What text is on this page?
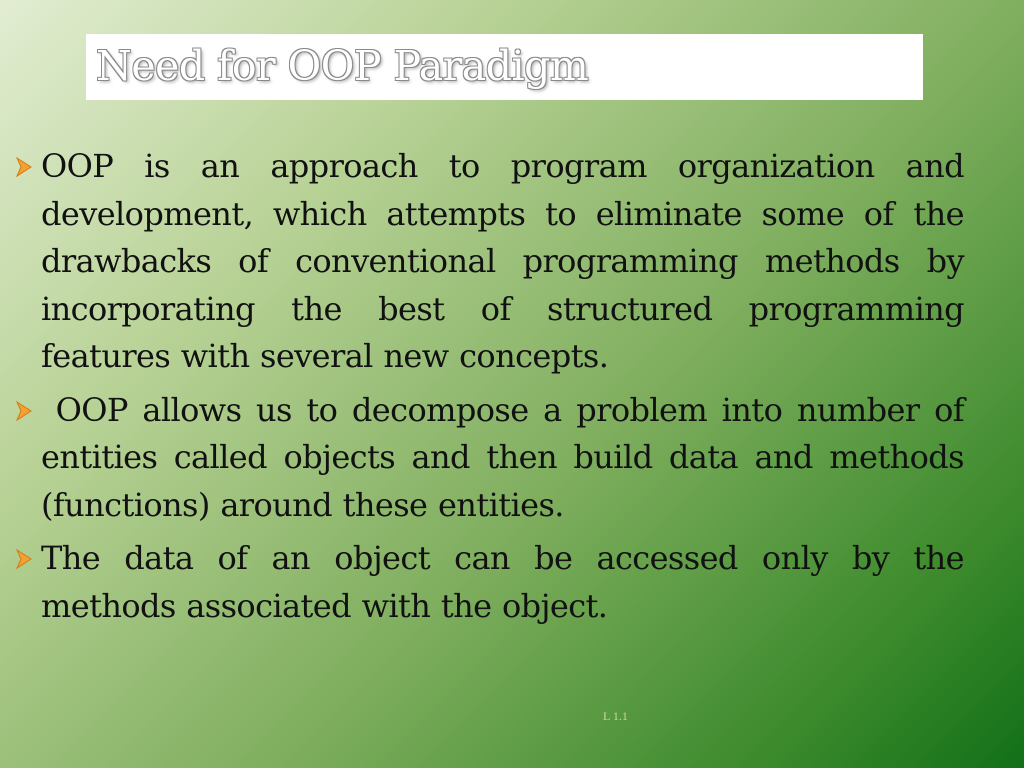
Need for OOP Paradigm
OOP is an approach to program organization and development, which attempts to eliminate some of the drawbacks of conventional programming methods by incorporating the best of structured programming features with several new concepts.
OOP allows us to decompose a problem into number of entities called objects and then build data and methods (functions) around these entities.
The data of an object can be accessed only by the methods associated with the object.
L 1.1
